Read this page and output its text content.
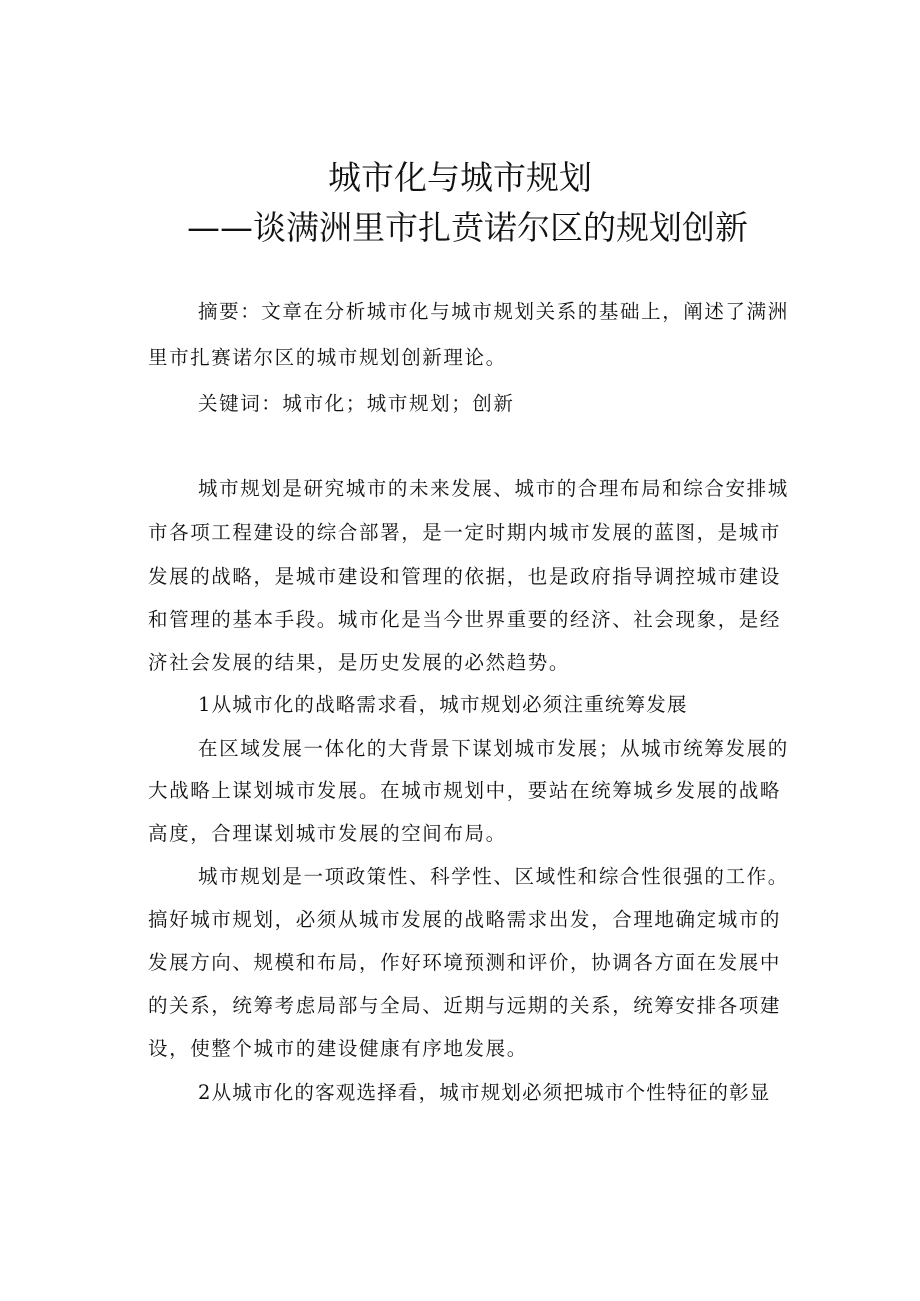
城市化与城市规划
——谈满洲里市扎贲诺尔区的规划创新

摘要：文章在分析城市化与城市规划关系的基础上，阐述了满洲

里市扎赛诺尔区的城市规划创新理论。

关键词：城市化；城市规划；创新

城市规划是研究城市的未来发展、城市的合理布局和综合安排城

市各项工程建设的综合部署，是一定时期内城市发展的蓝图，是城市

发展的战略，是城市建设和管理的依据，也是政府指导调控城市建设

和管理的基本手段。城市化是当今世界重要的经济、社会现象，是经

济社会发展的结果，是历史发展的必然趋势。

1从城市化的战略需求看，城市规划必须注重统筹发展

在区域发展一体化的大背景下谋划城市发展；从城市统筹发展的

大战略上谋划城市发展。在城市规划中，要站在统筹城乡发展的战略

高度，合理谋划城市发展的空间布局。

城市规划是一项政策性、科学性、区域性和综合性很强的工作。

搞好城市规划，必须从城市发展的战略需求出发，合理地确定城市的

发展方向、规模和布局，作好环境预测和评价，协调各方面在发展中

的关系，统筹考虑局部与全局、近期与远期的关系，统筹安排各项建

设，使整个城市的建设健康有序地发展。

2从城市化的客观选择看，城市规划必须把城市个性特征的彰显
